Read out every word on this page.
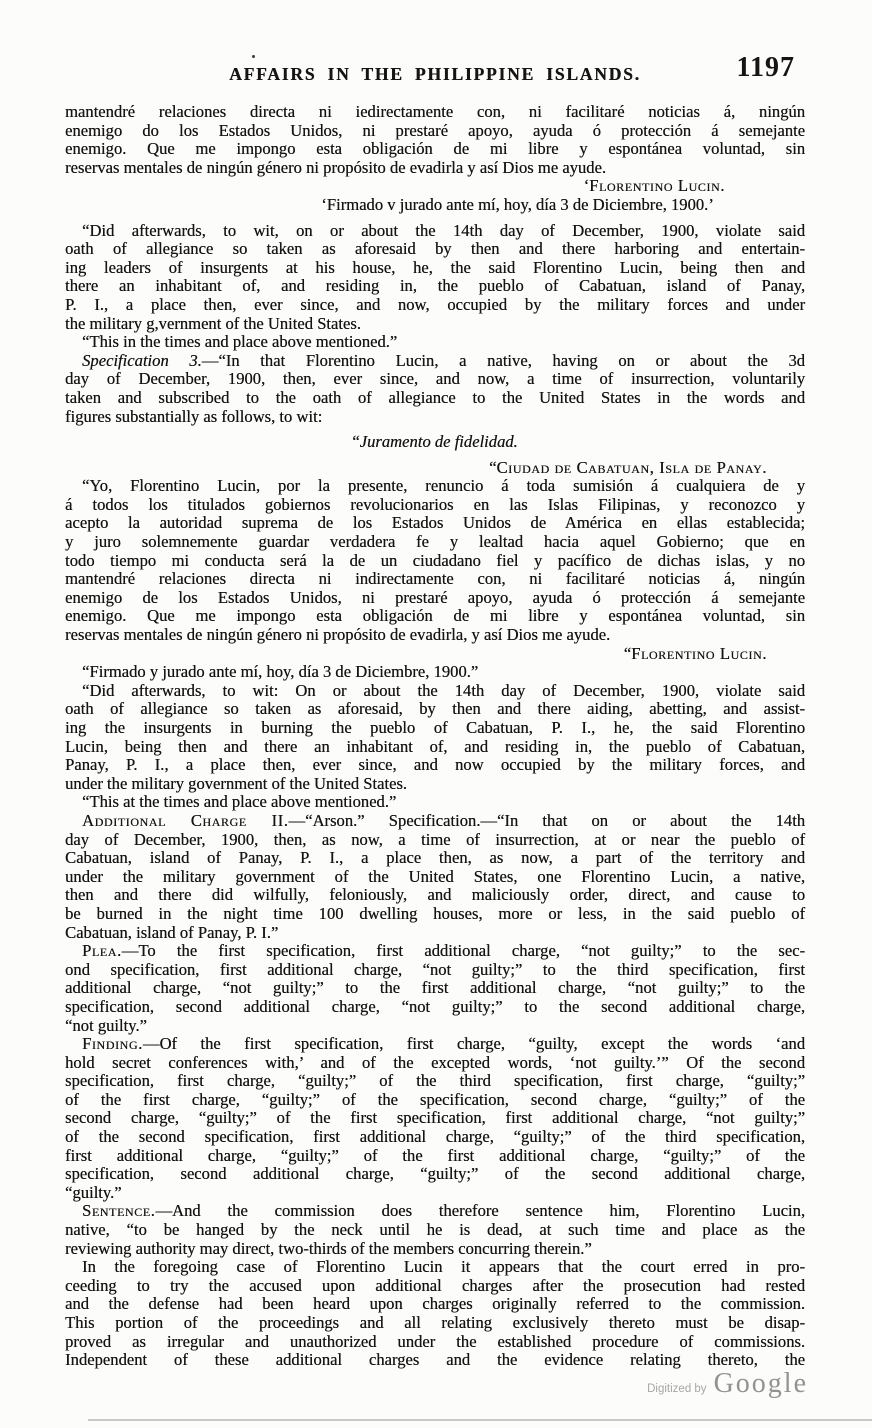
AFFAIRS IN THE PHILIPPINE ISLANDS.	1197
mantendré relaciones directa ni iedirectamente con, ni facilitaré noticias á, ningún
enemigo do los Estados Unidos, ni prestaré apoyo, ayuda ó protección á semejante
enemigo. Que me impongo esta obligación de mi libre y espontánea voluntad, sin
reservas mentales de ningún género ni propósito de evadirla y así Dios me ayude.
‘Florentino Lucin.
‘Firmado v jurado ante mí, hoy, día 3 de Diciembre, 1900.’
“Did afterwards, to wit, on or about the 14th day of December, 1900, violate said
oath of allegiance so taken as aforesaid by then and there harboring and entertain-
ing leaders of insurgents at his house, he, the said Florentino Lucin, being then and
there an inhabitant of, and residing in, the pueblo of Cabatuan, island of Panay,
P. I., a place then, ever since, and now, occupied by the military forces and under
the military g,vernment of the United States.
“This in the times and place above mentioned.”
Specification 3.—“In that Florentino Lucin, a native, having on or about the 3d
day of December, 1900, then, ever since, and now, a time of insurrection, voluntarily
taken and subscribed to the oath of allegiance to the United States in the words and
figures substantially as follows, to wit:
“Juramento de fidelidad.
“Ciudad de Cabatuan, Isla de Panay.
“Yo, Florentino Lucin, por la presente, renuncio á toda sumisión á cualquiera de y
á todos los titulados gobiernos revolucionarios en las Islas Filipinas, y reconozco y
acepto la autoridad suprema de los Estados Unidos de América en ellas establecida;
y juro solemnemente guardar verdadera fe y lealtad hacia aquel Gobierno; que en
todo tiempo mi conducta será la de un ciudadano fiel y pacífico de dichas islas, y no
mantendré relaciones directa ni indirectamente con, ni facilitaré noticias á, ningún
enemigo de los Estados Unidos, ni prestaré apoyo, ayuda ó protección á semejante
enemigo. Que me impongo esta obligación de mi libre y espontánea voluntad, sin
reservas mentales de ningún género ni propósito de evadirla, y así Dios me ayude.
“Florentino Lucin.
“Firmado y jurado ante mí, hoy, día 3 de Diciembre, 1900.”
“Did afterwards, to wit: On or about the 14th day of December, 1900, violate said
oath of allegiance so taken as aforesaid, by then and there aiding, abetting, and assist-
ing the insurgents in burning the pueblo of Cabatuan, P. I., he, the said Florentino
Lucin, being then and there an inhabitant of, and residing in, the pueblo of Cabatuan,
Panay, P. I., a place then, ever since, and now occupied by the military forces, and
under the military government of the United States.
“This at the times and place above mentioned.”
Additional Charge II.—“Arson.” Specification.—“In that on or about the 14th
day of December, 1900, then, as now, a time of insurrection, at or near the pueblo of
Cabatuan, island of Panay, P. I., a place then, as now, a part of the territory and
under the military government of the United States, one Florentino Lucin, a native,
then and there did wilfully, feloniously, and maliciously order, direct, and cause to
be burned in the night time 100 dwelling houses, more or less, in the said pueblo of
Cabatuan, island of Panay, P. I.”
Plea.—To the first specification, first additional charge, “not guilty;” to the sec-
ond specification, first additional charge, “not guilty;” to the third specification, first
additional charge, “not guilty;” to the first additional charge, “not guilty;” to the
specification, second additional charge, “not guilty;” to the second additional charge,
“not guilty.”
Finding.—Of the first specification, first charge, “guilty, except the words ‘and
hold secret conferences with,’ and of the excepted words, ‘not guilty.’” Of the second
specification, first charge, “guilty;” of the third specification, first charge, “guilty;”
of the first charge, “guilty;” of the specification, second charge, “guilty;” of the
second charge, “guilty;” of the first specification, first additional charge, “not guilty;”
of the second specification, first additional charge, “guilty;” of the third specification,
first additional charge, “guilty;” of the first additional charge, “guilty;” of the
specification, second additional charge, “guilty;” of the second additional charge,
“guilty.”
Sentence.—And the commission does therefore sentence him, Florentino Lucin,
native, “to be hanged by the neck until he is dead, at such time and place as the
reviewing authority may direct, two-thirds of the members concurring therein.”
In the foregoing case of Florentino Lucin it appears that the court erred in pro-
ceeding to try the accused upon additional charges after the prosecution had rested
and the defense had been heard upon charges originally referred to the commission.
This portion of the proceedings and all relating exclusively thereto must be disap-
proved as irregular and unauthorized under the established procedure of commissions.
Independent of these additional charges and the evidence relating thereto, the
Digitized by Google
